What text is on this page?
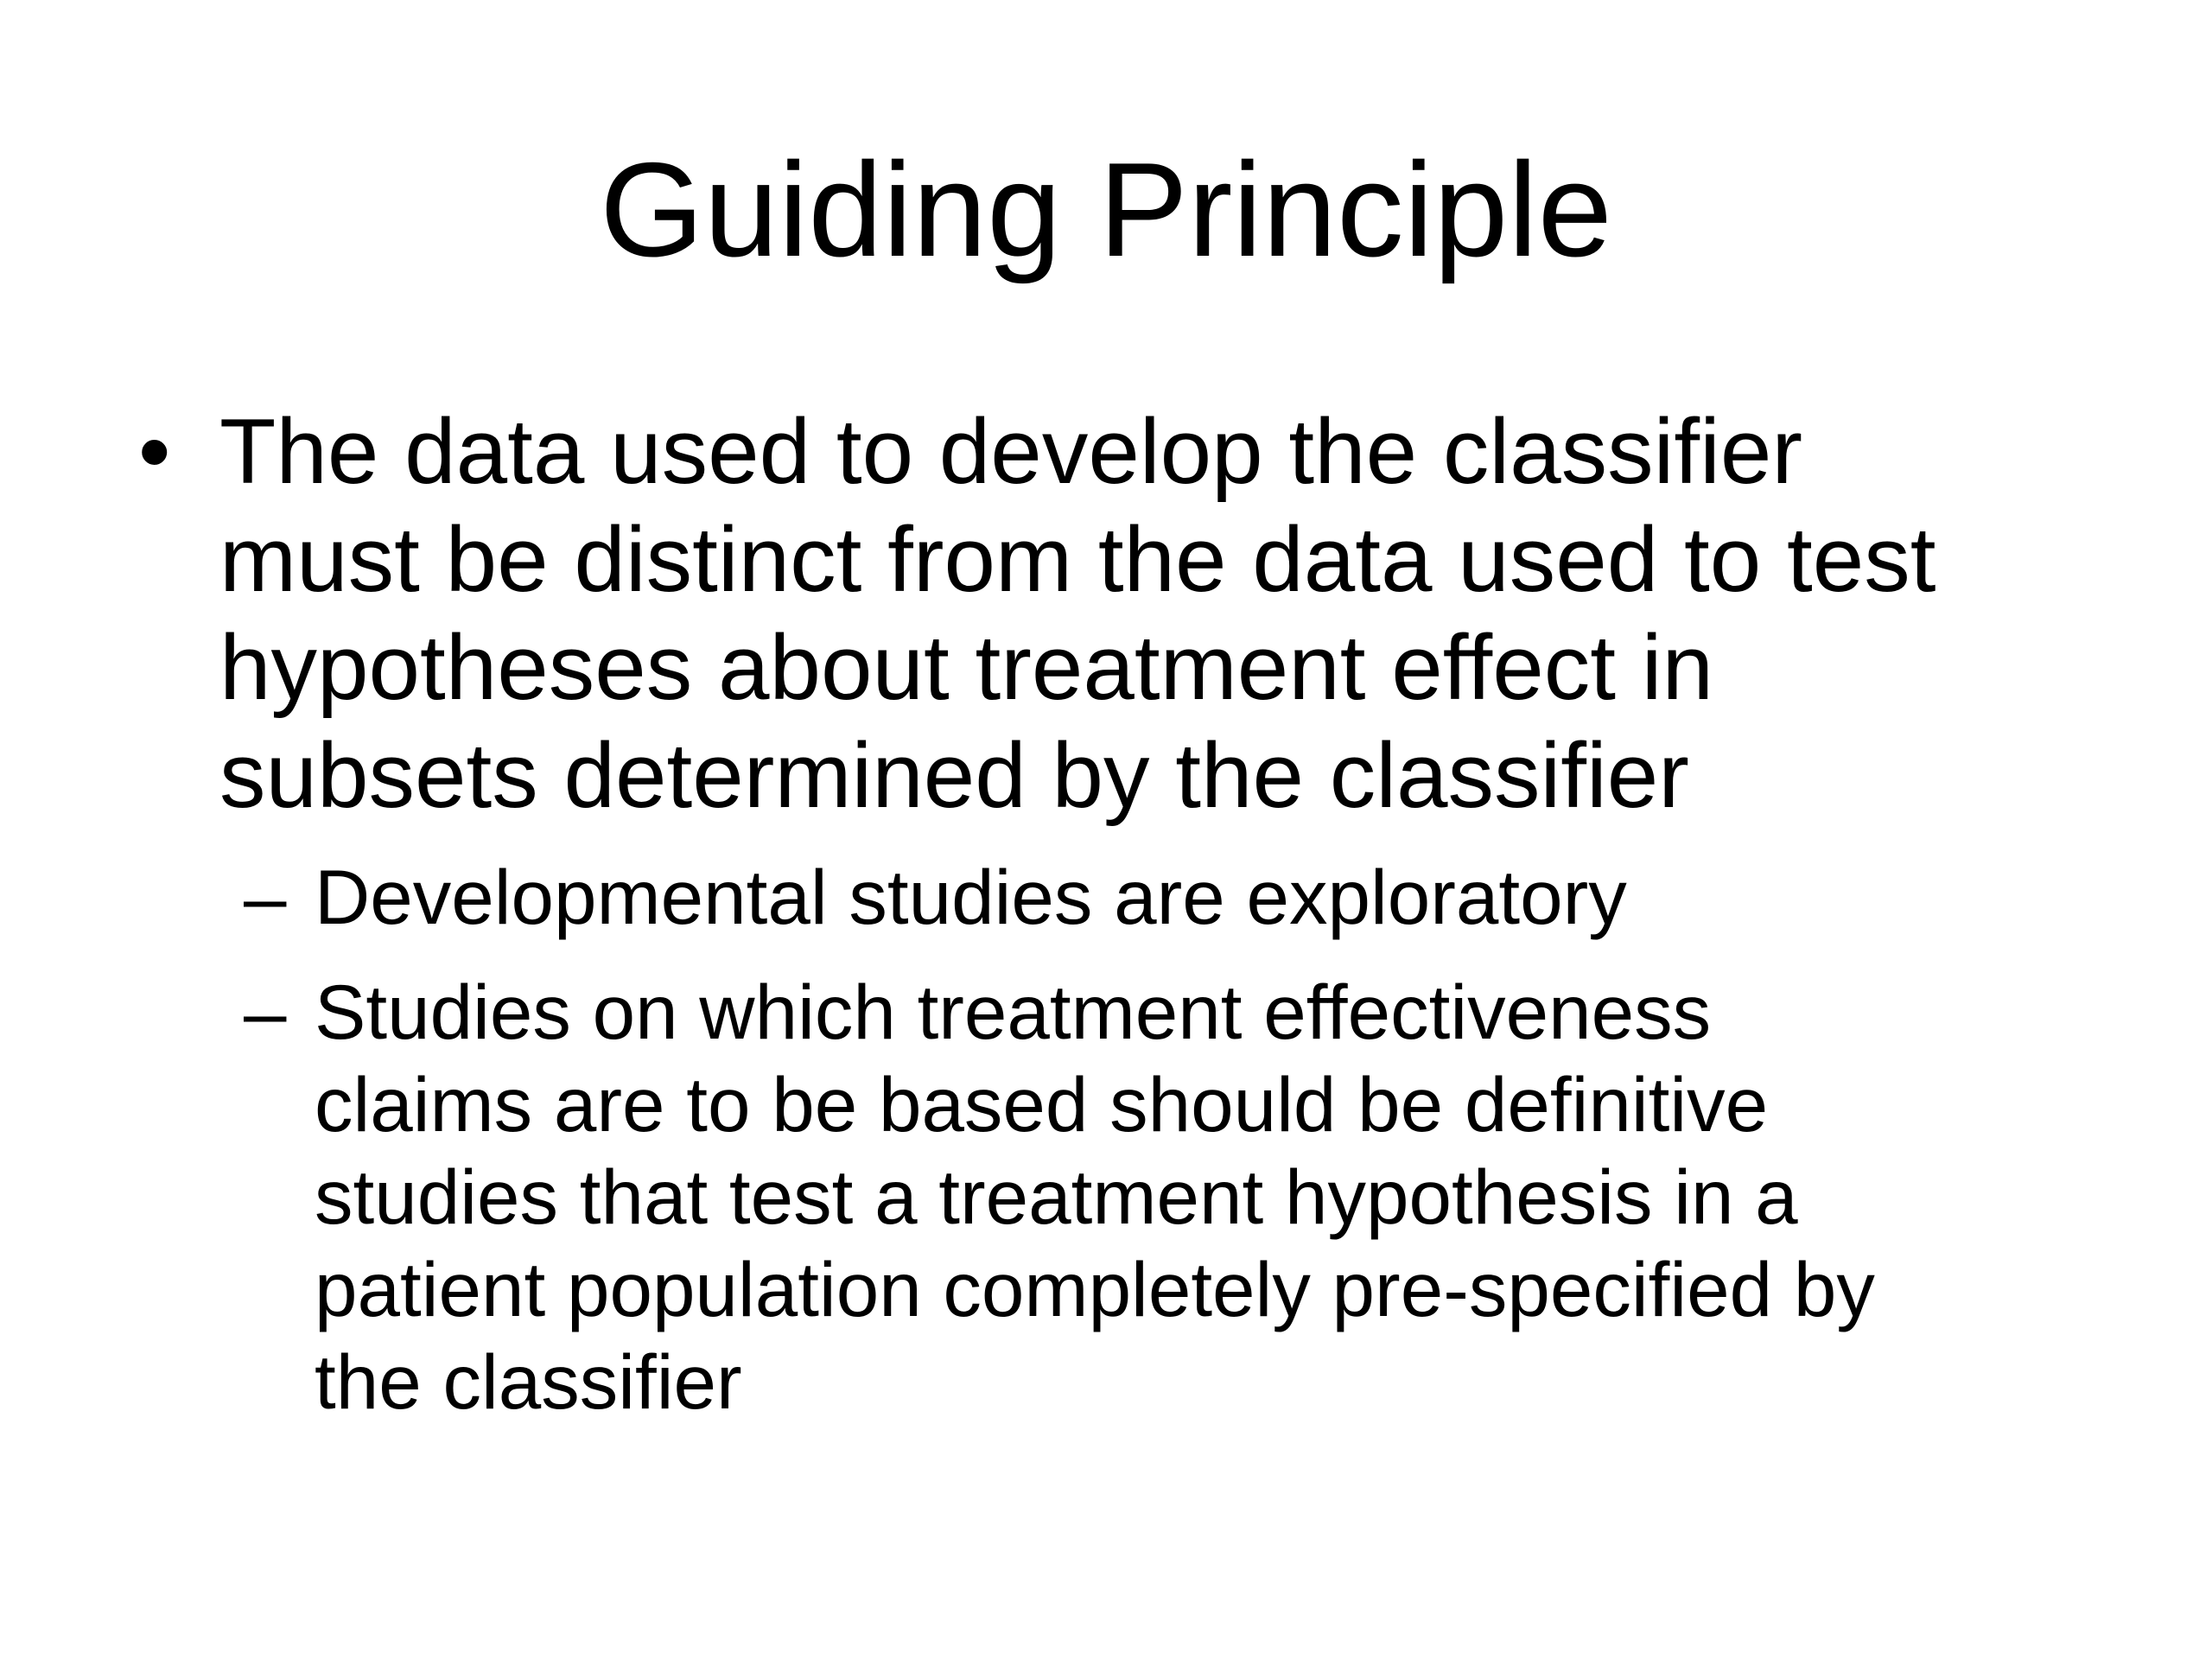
Guiding Principle
• The data used to develop the classifier
must be distinct from the data used to test
hypotheses about treatment effect in
subsets determined by the classifier
– Developmental studies are exploratory
– Studies on which treatment effectiveness
claims are to be based should be definitive
studies that test a treatment hypothesis in a
patient population completely pre-specified by
the classifier
